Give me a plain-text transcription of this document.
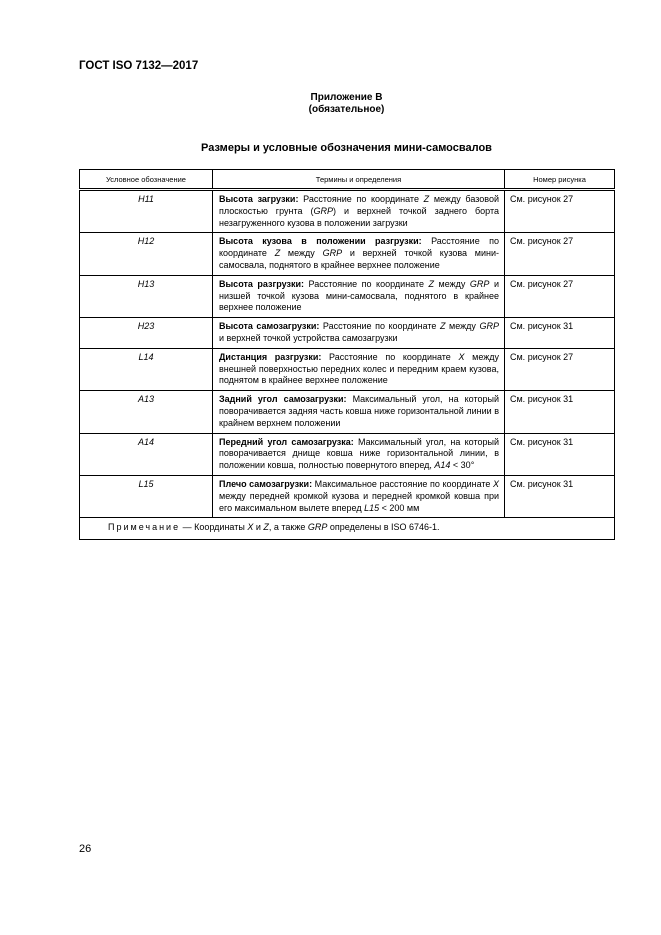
ГОСТ ISO 7132—2017
Приложение В
(обязательное)
Размеры и условные обозначения мини-самосвалов
Условное обозначение	Термины и определения	Номер рисунка
H11	Высота загрузки: Расстояние по координате Z между базовой плоскостью грунта (GRP) и верхней точкой заднего борта незагруженного кузова в положении загрузки	См. рисунок 27
H12	Высота кузова в положении разгрузки: Расстояние по координате Z между GRP и верхней точкой кузова мини-самосвала, поднятого в крайнее верхнее положение	См. рисунок 27
H13	Высота разгрузки: Расстояние по координате Z между GRP и низшей точкой кузова мини-самосвала, поднятого в крайнее верхнее положение	См. рисунок 27
H23	Высота самозагрузки: Расстояние по координате Z между GRP и верхней точкой устройства самозагрузки	См. рисунок 31
L14	Дистанция разгрузки: Расстояние по координате X между внешней поверхностью передних колес и передним краем кузова, поднятом в крайнее верхнее положение	См. рисунок 27
A13	Задний угол самозагрузки: Максимальный угол, на который поворачивается задняя часть ковша ниже горизонтальной линии в крайнем верхнем положении	См. рисунок 31
A14	Передний угол самозагрузка: Максимальный угол, на который поворачивается днище ковша ниже горизонтальной линии, в положении ковша, полностью повернутого вперед, A14 < 30°	См. рисунок 31
L15	Плечо самозагрузки: Максимальное расстояние по координате X между передней кромкой кузова и передней кромкой ковша при его максимальном вылете вперед L15 < 200 мм	См. рисунок 31
Примечание — Координаты X и Z, а также GRP определены в ISO 6746-1.		
26
